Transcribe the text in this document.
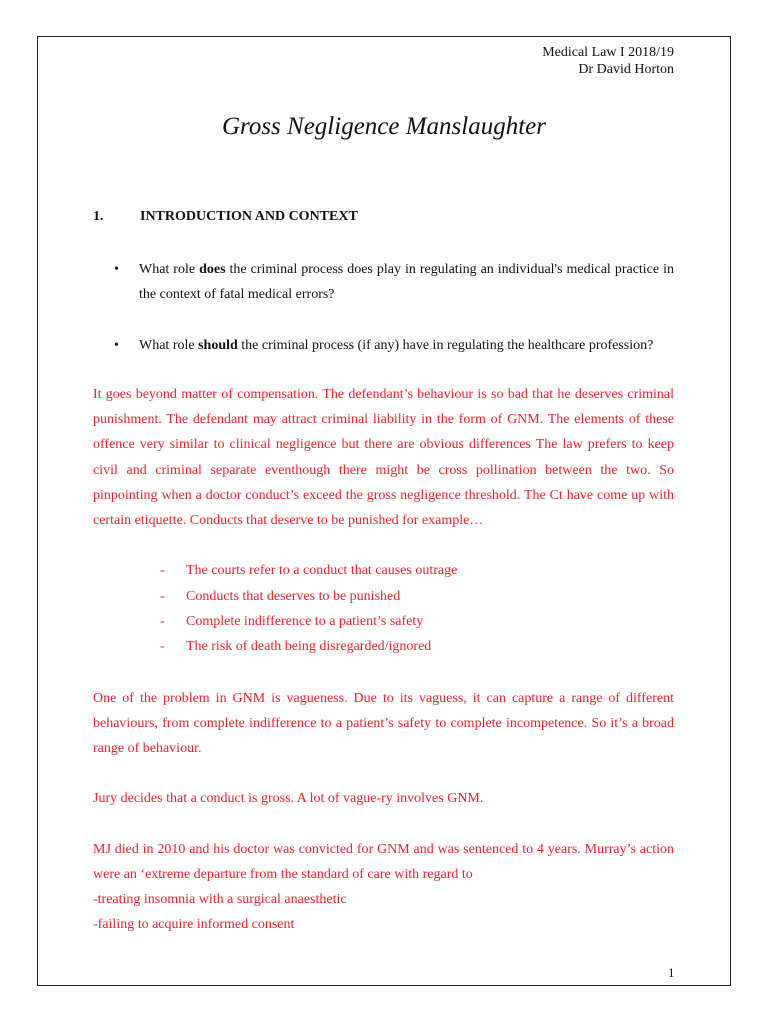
Medical Law I 2018/19
Dr David Horton
Gross Negligence Manslaughter
1.	INTRODUCTION AND CONTEXT
• What role does the criminal process does play in regulating an individual's medical practice in the context of fatal medical errors?
• What role should the criminal process (if any) have in regulating the healthcare profession?
It goes beyond matter of compensation. The defendant’s behaviour is so bad that he deserves criminal punishment. The defendant may attract criminal liability in the form of GNM. The elements of these offence very similar to clinical negligence but there are obvious differences The law prefers to keep civil and criminal separate eventhough there might be cross pollination between the two. So pinpointing when a doctor conduct’s exceed the gross negligence threshold. The Ct have come up with certain etiquette. Conducts that deserve to be punished for example…
- The courts refer to a conduct that causes outrage
- Conducts that deserves to be punished
- Complete indifference to a patient’s safety
- The risk of death being disregarded/ignored
One of the problem in GNM is vagueness. Due to its vaguess, it can capture a range of different behaviours, from complete indifference to a patient’s safety to complete incompetence. So it’s a broad range of behaviour.
Jury decides that a conduct is gross. A lot of vague-ry involves GNM.
MJ died in 2010 and his doctor was convicted for GNM and was sentenced to 4 years. Murray’s action were an ‘extreme departure from the standard of care with regard to
-treating insomnia with a surgical anaesthetic
-failing to acquire informed consent
1
